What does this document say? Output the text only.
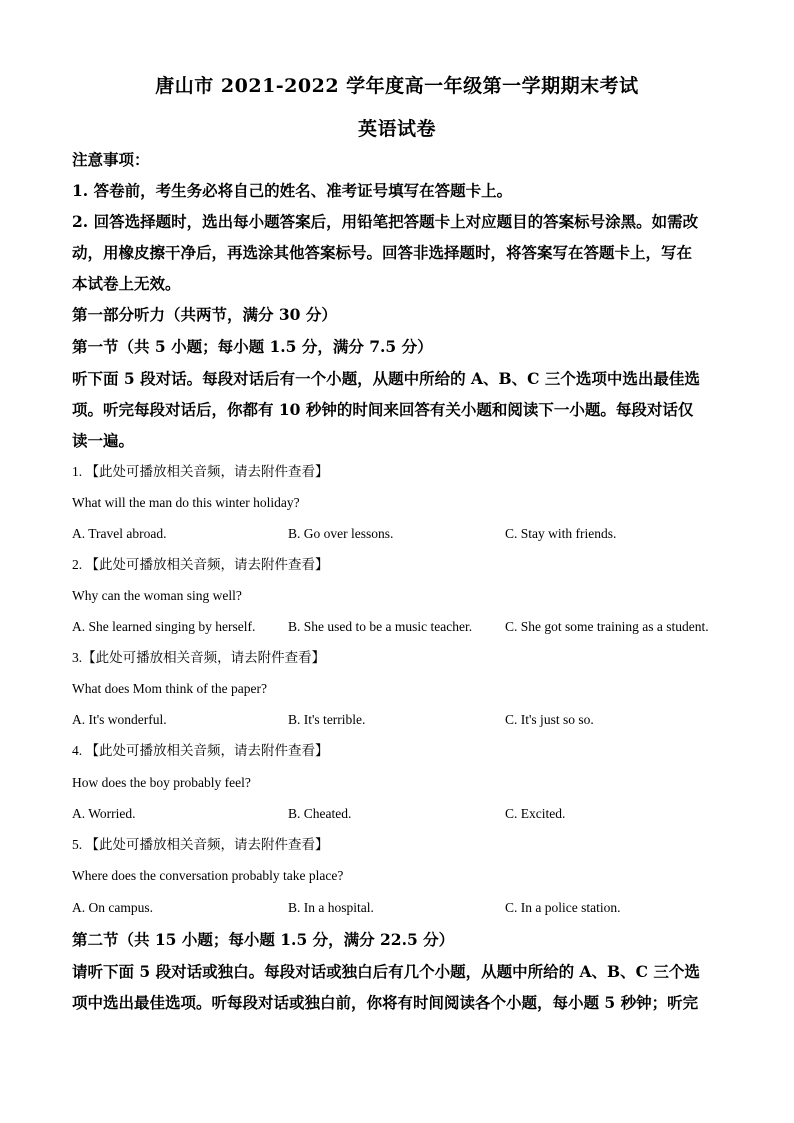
唐山市 2021-2022 学年度高一年级第一学期期末考试
英语试卷
注意事项：
1. 答卷前，考生务必将自己的姓名、准考证号填写在答题卡上。
2. 回答选择题时，选出每小题答案后，用铅笔把答题卡上对应题目的答案标号涂黑。如需改
动，用橡皮擦干净后，再选涂其他答案标号。回答非选择题时，将答案写在答题卡上，写在
本试卷上无效。
第一部分听力（共两节，满分 30 分）
第一节（共 5 小题；每小题 1.5 分，满分 7.5 分）
听下面 5 段对话。每段对话后有一个小题，从题中所给的 A、B、C 三个选项中选出最佳选
项。听完每段对话后，你都有 10 秒钟的时间来回答有关小题和阅读下一小题。每段对话仅
读一遍。
1. 【此处可播放相关音频，请去附件查看】
What will the man do this winter holiday?
A. Travel abroad.	B. Go over lessons.	C. Stay with friends.
2. 【此处可播放相关音频，请去附件查看】
Why can the woman sing well?
A. She learned singing by herself. B. She used to be a music teacher. C. She got some training as a student.
3.【此处可播放相关音频，请去附件查看】
What does Mom think of the paper?
A. It's wonderful.	B. It's terrible.	C. It's just so so.
4. 【此处可播放相关音频，请去附件查看】
How does the boy probably feel?
A. Worried.	B. Cheated.	C. Excited.
5. 【此处可播放相关音频，请去附件查看】
Where does the conversation probably take place?
A. On campus.	B. In a hospital.	C. In a police station.
第二节（共 15 小题；每小题 1.5 分，满分 22.5 分）
请听下面 5 段对话或独白。每段对话或独白后有几个小题，从题中所给的 A、B、C 三个选
项中选出最佳选项。听每段对话或独白前，你将有时间阅读各个小题，每小题 5 秒钟；听完
